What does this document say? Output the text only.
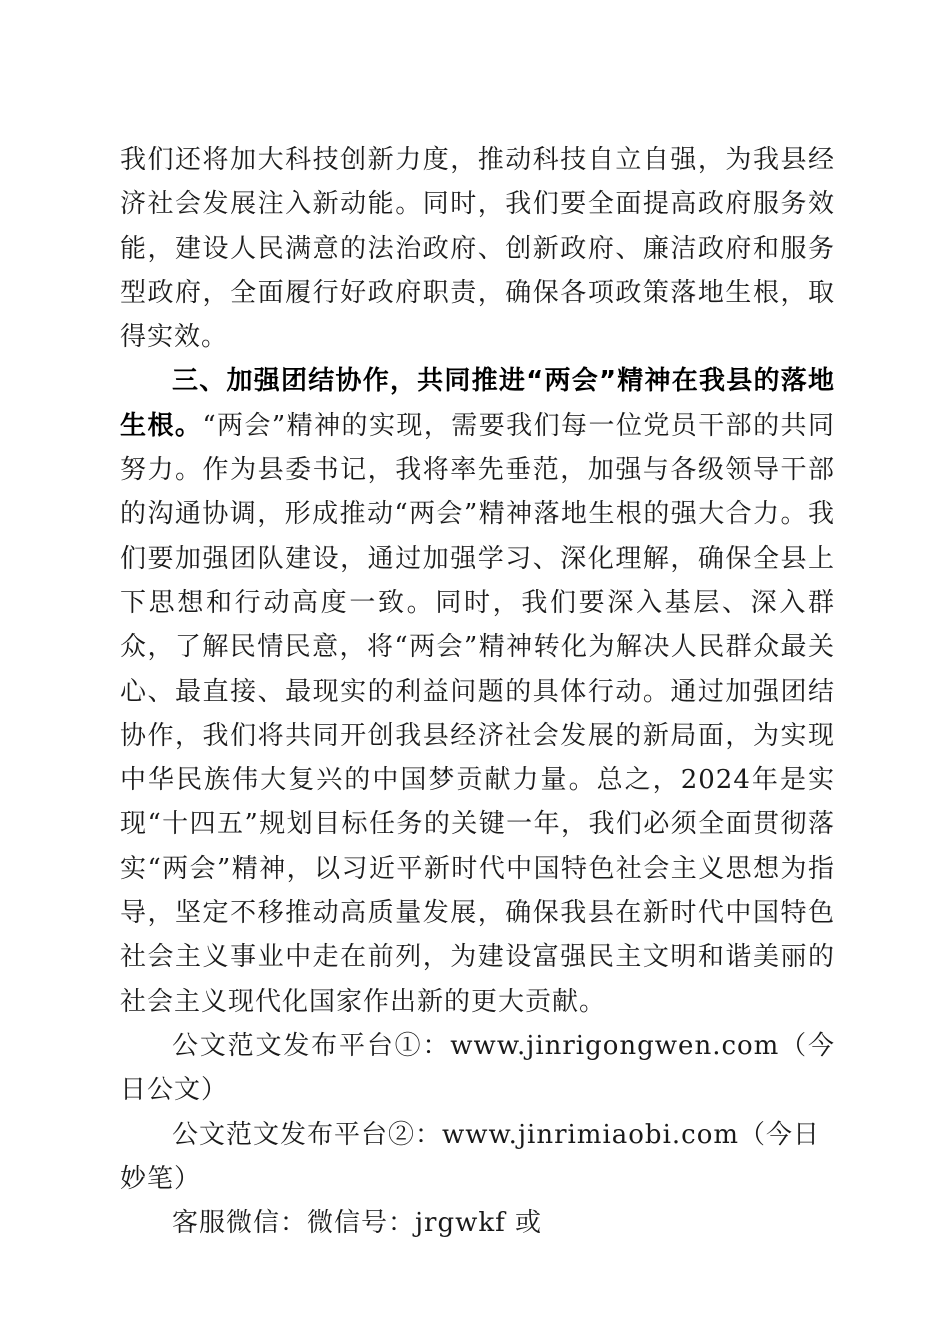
我们还将加大科技创新力度，推动科技自立自强，为我县经济社会发展注入新动能。同时，我们要全面提高政府服务效能，建设人民满意的法治政府、创新政府、廉洁政府和服务型政府，全面履行好政府职责，确保各项政策落地生根，取得实效。

三、加强团结协作，共同推进“两会”精神在我县的落地生根。“两会”精神的实现，需要我们每一位党员干部的共同努力。作为县委书记，我将率先垂范，加强与各级领导干部的沟通协调，形成推动“两会”精神落地生根的强大合力。我们要加强团队建设，通过加强学习、深化理解，确保全县上下思想和行动高度一致。同时，我们要深入基层、深入群众，了解民情民意，将“两会”精神转化为解决人民群众最关心、最直接、最现实的利益问题的具体行动。通过加强团结协作，我们将共同开创我县经济社会发展的新局面，为实现中华民族伟大复兴的中国梦贡献力量。总之，2024年是实现“十四五”规划目标任务的关键一年，我们必须全面贯彻落实“两会”精神，以习近平新时代中国特色社会主义思想为指导，坚定不移推动高质量发展，确保我县在新时代中国特色社会主义事业中走在前列，为建设富强民主文明和谐美丽的社会主义现代化国家作出新的更大贡献。

公文范文发布平台①：www.jinrigongwen.com（今日公文）

公文范文发布平台②：www.jinrimiaobi.com（今日妙笔）

客服微信：微信号：jrgwkf 或
